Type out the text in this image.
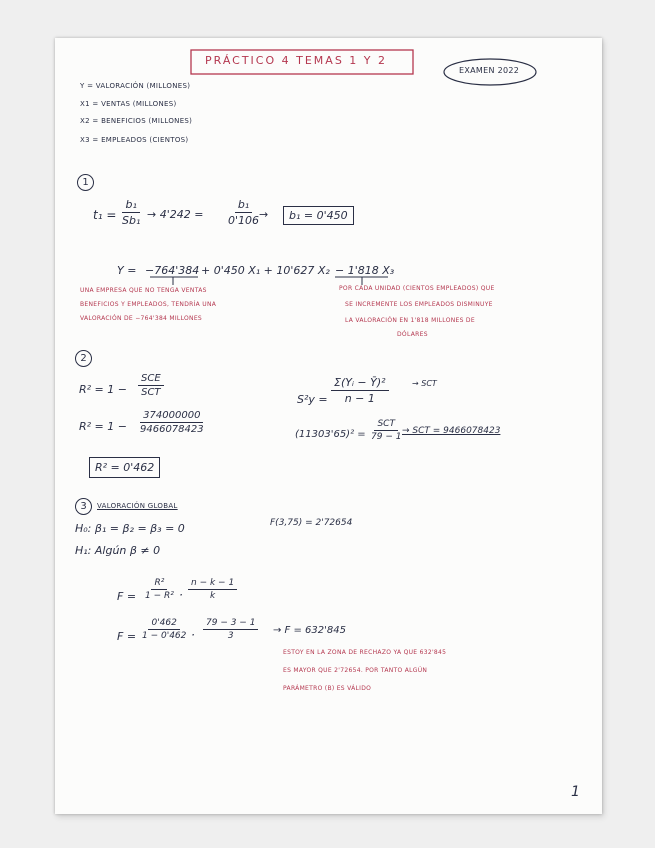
PRÁCTICO 4 TEMAS 1 Y 2
EXAMEN 2022
Y = VALORACIÓN (MILLONES)
X1 = VENTAS (MILLONES)
X2 = BENEFICIOS (MILLONES)
X3 = EMPLEADOS (CIENTOS)
1
$t_1 = \frac{\text{b₁}}{\text{Sb₁}} \to 4'242 = \frac{\text{b₁}}{0'106}$
→	b₁ = 0'450
Y = −764'384 + 0'450 X₁ + 10'627 X₂ − 1'818 X₃
UNA EMPRESA QUE NO TENGA VENTAS
BENEFICIOS Y EMPLEADOS, TENDRÍA UNA
VALORACIÓN DE −764'384 MILLONES
POR CADA UNIDAD (CIENTOS EMPLEADOS) QUE
SE INCREMENTE LOS EMPLEADOS DISMINUYE
LA VALORACIÓN EN 1'818 MILLONES DE
DÓLARES
2
R² = 1 −
SCE
SCT
$R^2 = 1 - \frac{374000000}{9466078423}$
R² = 0'462
$S^2y = \frac{\text{Σ(Yᵢ − Ȳ)²}}{n - 1}$	→ SCT
(11303'65)² =
SCT
79 − 1
→ SCT = 9466078423
3	VALORACIÓN GLOBAL
H₀: β₁ = β₂ = β₃ = 0
H₁: Algún β ≠ 0
F(3,75) = 2'72654
$F = \frac{\text{R²}}{\text{1 − R²}} \cdot \frac{n - k - 1}{k}$
$F = \frac{0'462}{1 - 0'462} \cdot \frac{79 - 3 - 1}{3} \to F = 632'845$
ESTOY EN LA ZONA DE RECHAZO YA QUE 632'845
ES MAYOR QUE 2'72654. POR TANTO ALGÚN
PARÁMETRO (Β) ES VÁLIDO
1
